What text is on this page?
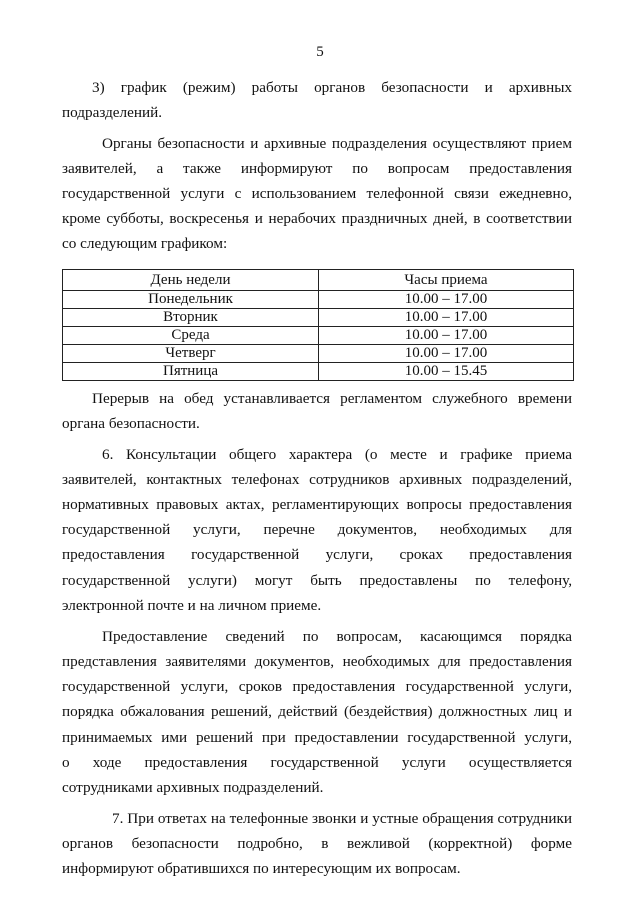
5
3) график (режим) работы органов безопасности и архивных
подразделений.
Органы безопасности и архивные подразделения осуществляют прием
заявителей, а также информируют по вопросам предоставления
государственной услуги с использованием телефонной связи ежедневно,
кроме субботы, воскресенья и нерабочих праздничных дней, в соответствии
со следующим графиком:
День недели	Часы приема
Понедельник	10.00 – 17.00
Вторник	10.00 – 17.00
Среда	10.00 – 17.00
Четверг	10.00 – 17.00
Пятница	10.00 – 15.45
Перерыв на обед устанавливается регламентом служебного времени
органа безопасности.
6. Консультации общего характера (о месте и графике приема
заявителей, контактных телефонах сотрудников архивных подразделений,
нормативных правовых актах, регламентирующих вопросы предоставления
государственной услуги, перечне документов, необходимых для
предоставления государственной услуги, сроках предоставления
государственной услуги) могут быть предоставлены по телефону,
электронной почте и на личном приеме.
Предоставление сведений по вопросам, касающимся порядка
представления заявителями документов, необходимых для предоставления
государственной услуги, сроков предоставления государственной услуги,
порядка обжалования решений, действий (бездействия) должностных лиц и
принимаемых ими решений при предоставлении государственной услуги,
о ходе предоставления государственной услуги осуществляется
сотрудниками архивных подразделений.
7. При ответах на телефонные звонки и устные обращения сотрудники
органов безопасности подробно, в вежливой (корректной) форме
информируют обратившихся по интересующим их вопросам.
